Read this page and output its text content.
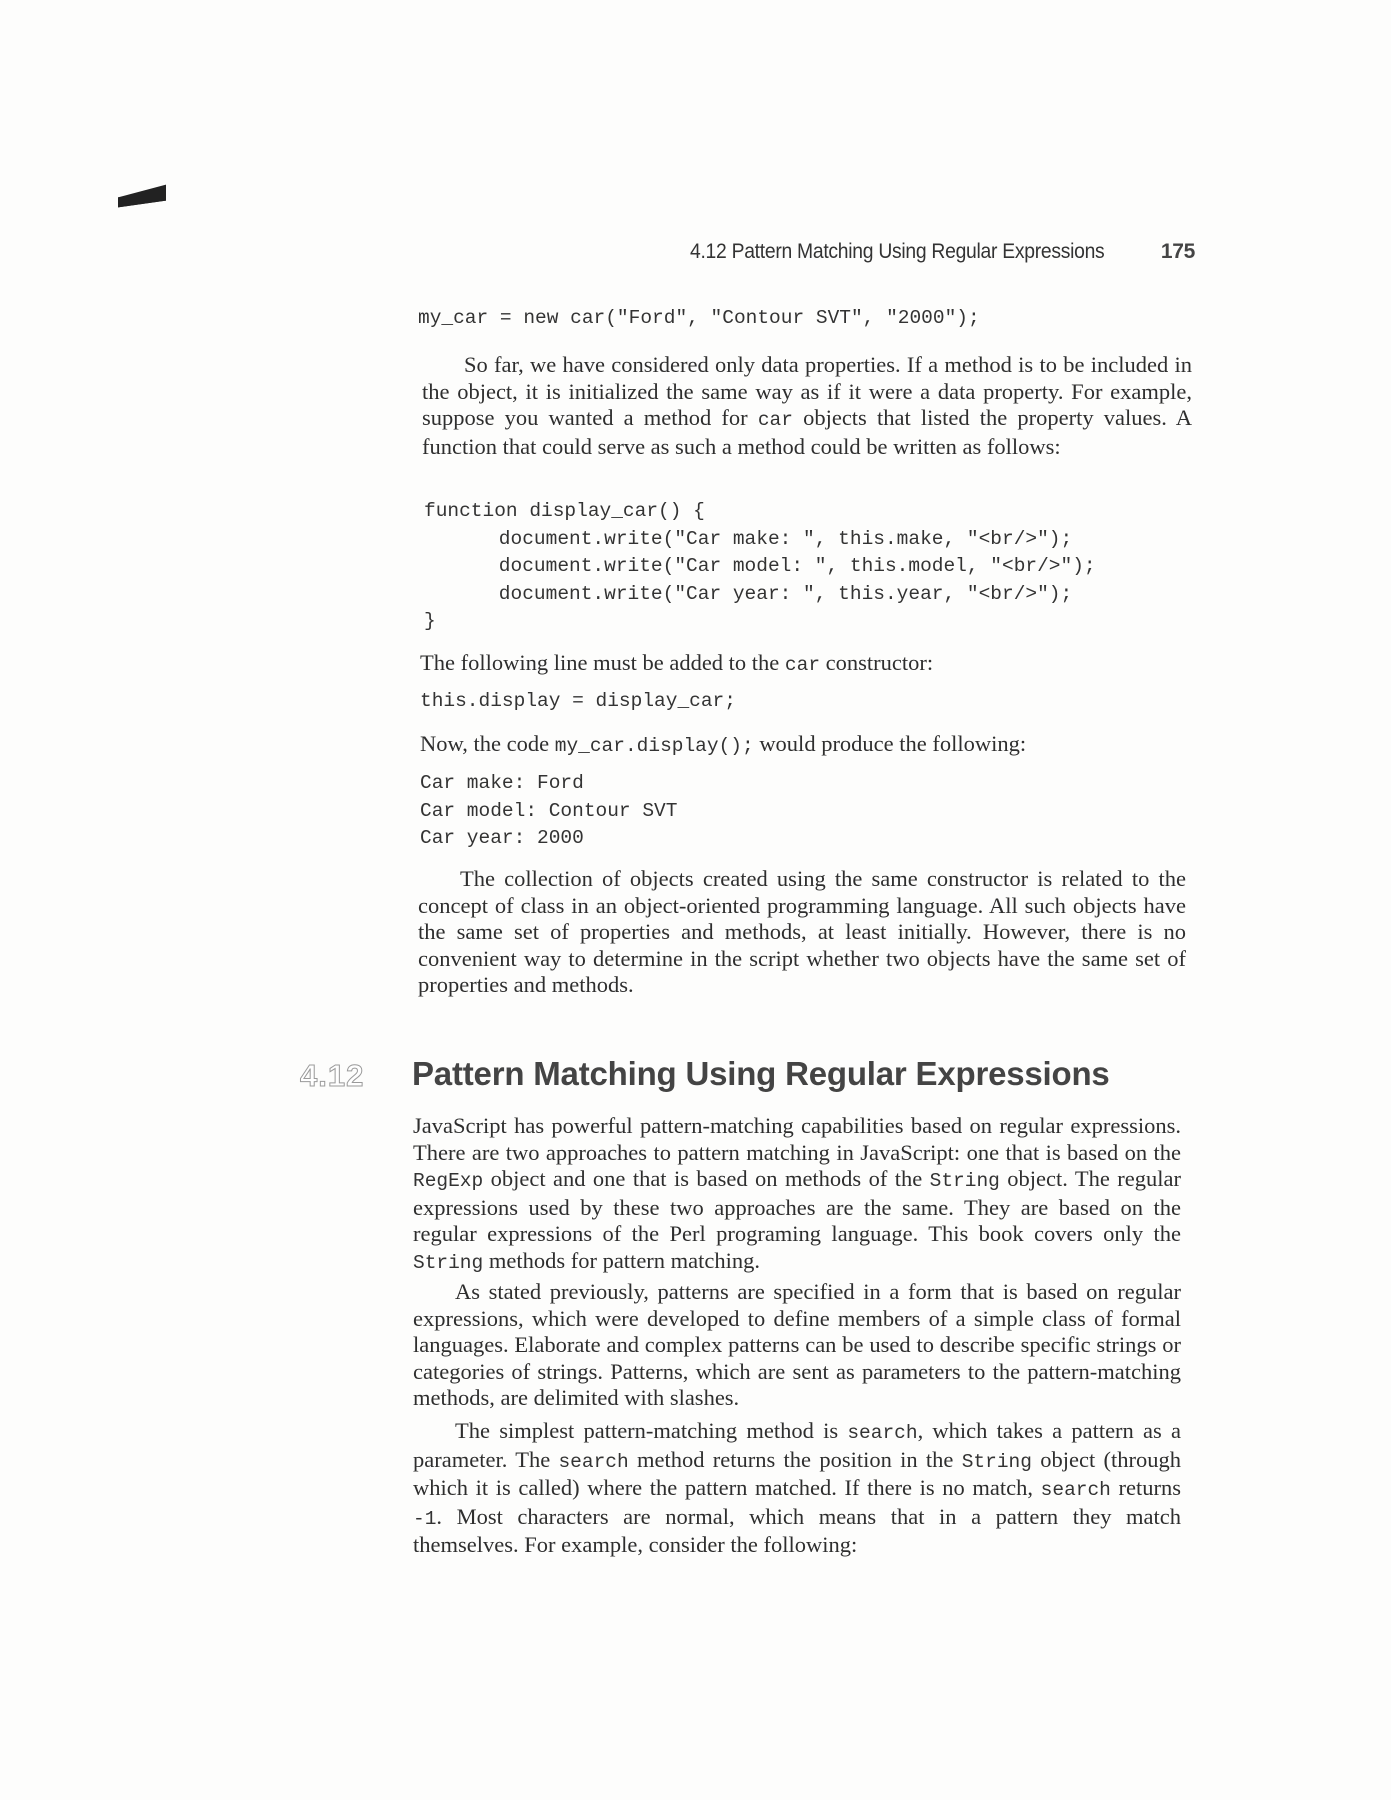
4.12 Pattern Matching Using Regular Expressions	175
my_car = new car("Ford", "Contour SVT", "2000");

So far, we have considered only data properties. If a method is to be included in the object, it is initialized the same way as if it were a data property. For example, suppose you wanted a method for car objects that listed the property values. A function that could serve as such a method could be written as follows:

function display_car() {
document.write("Car make: ", this.make, "<br/>");
document.write("Car model: ", this.model, "<br/>");
document.write("Car year: ", this.year, "<br/>");
}

The following line must be added to the car constructor:

this.display = display_car;

Now, the code my_car.display(); would produce the following:

Car make: Ford
Car model: Contour SVT
Car year: 2000

The collection of objects created using the same constructor is related to the concept of class in an object-oriented programming language. All such objects have the same set of properties and methods, at least initially. However, there is no convenient way to determine in the script whether two objects have the same set of properties and methods.

4.12 Pattern Matching Using Regular Expressions

JavaScript has powerful pattern-matching capabilities based on regular expressions. There are two approaches to pattern matching in JavaScript: one that is based on the RegExp object and one that is based on methods of the String object. The regular expressions used by these two approaches are the same. They are based on the regular expressions of the Perl programing language. This book covers only the String methods for pattern matching.

As stated previously, patterns are specified in a form that is based on regular expressions, which were developed to define members of a simple class of formal languages. Elaborate and complex patterns can be used to describe specific strings or categories of strings. Patterns, which are sent as parameters to the pattern-matching methods, are delimited with slashes.

The simplest pattern-matching method is search, which takes a pattern as a parameter. The search method returns the position in the String object (through which it is called) where the pattern matched. If there is no match, search returns -1. Most characters are normal, which means that in a pattern they match themselves. For example, consider the following:
